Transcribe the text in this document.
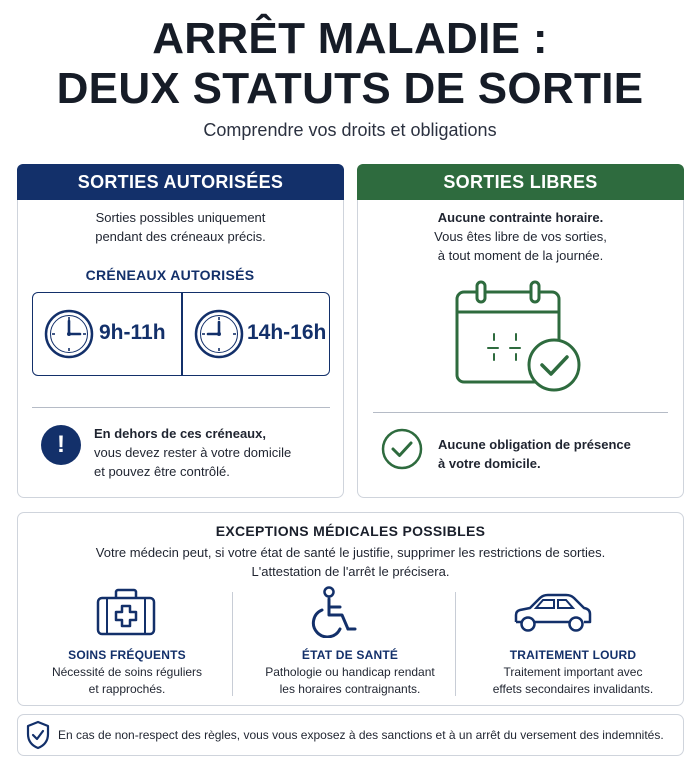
ARRÊT MALADIE :
DEUX STATUTS DE SORTIE
Comprendre vos droits et obligations
SORTIES AUTORISÉES
Sorties possibles uniquement
pendant des créneaux précis.
CRÉNEAUX AUTORISÉS
9h-11h	14h-16h
!	En dehors de ces créneaux,
vous devez rester à votre domicile
et pouvez être contrôlé.
SORTIES LIBRES
Aucune contrainte horaire.
Vous êtes libre de vos sorties,
à tout moment de la journée.
Aucune obligation de présence
à votre domicile.
EXCEPTIONS MÉDICALES POSSIBLES
Votre médecin peut, si votre état de santé le justifie, supprimer les restrictions de sorties.
L'attestation de l'arrêt le précisera.
SOINS FRÉQUENTS
Nécessité de soins réguliers
et rapprochés.
ÉTAT DE SANTÉ
Pathologie ou handicap rendant
les horaires contraignants.
TRAITEMENT LOURD
Traitement important avec
effets secondaires invalidants.
En cas de non-respect des règles, vous vous exposez à des sanctions et à un arrêt du versement des indemnités.
